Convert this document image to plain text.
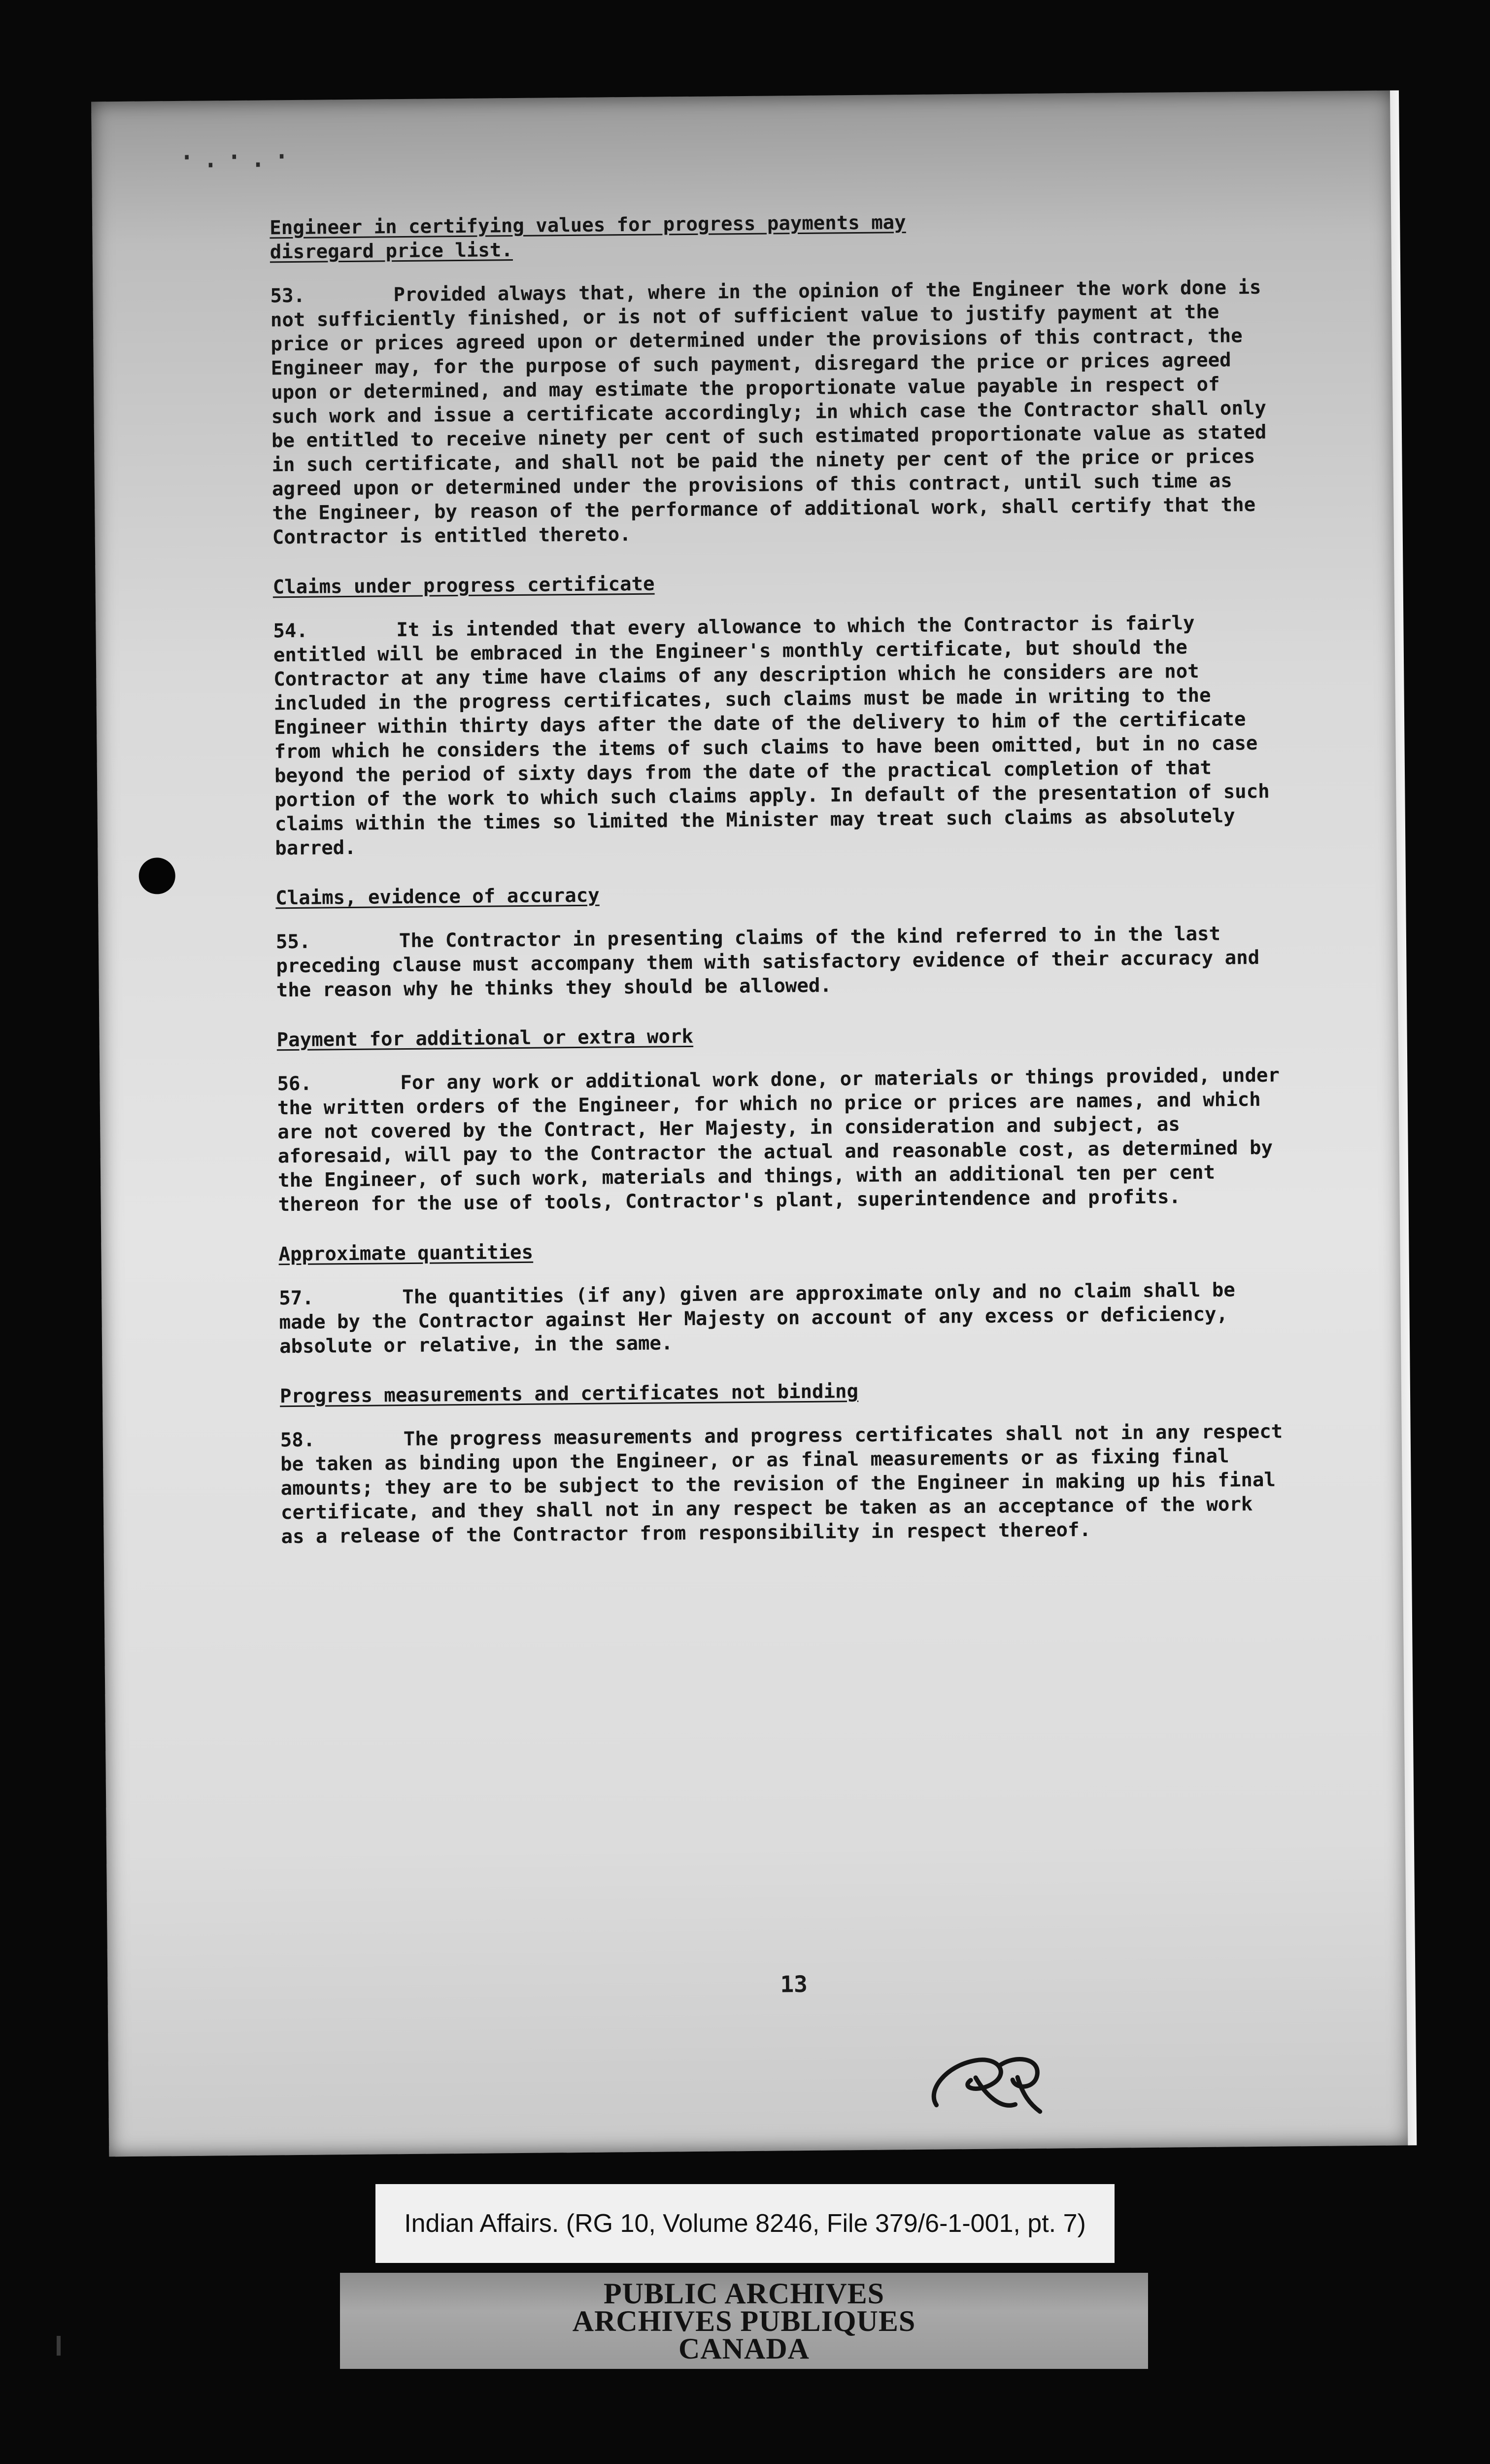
·.·.·
Engineer in certifying values for progress payments may
disregard price list.

53.	Provided always that, where in the opinion of the Engineer the work done is not sufficiently finished, or is not of sufficient value to justify payment at the price or prices agreed upon or determined under the provisions of this contract, the Engineer may, for the purpose of such payment, disregard the price or prices agreed upon or determined, and may estimate the proportionate value payable in respect of such work and issue a certificate accordingly; in which case the Contractor shall only be entitled to receive ninety per cent of such estimated proportionate value as stated in such certificate, and shall not be paid the ninety per cent of the price or prices agreed upon or determined under the provisions of this contract, until such time as the Engineer, by reason of the performance of additional work, shall certify that the Contractor is entitled thereto.

Claims under progress certificate

54.	It is intended that every allowance to which the Contractor is fairly entitled will be embraced in the Engineer's monthly certificate, but should the Contractor at any time have claims of any description which he considers are not included in the progress certificates, such claims must be made in writing to the Engineer within thirty days after the date of the delivery to him of the certificate from which he considers the items of such claims to have been omitted, but in no case beyond the period of sixty days from the date of the practical completion of that portion of the work to which such claims apply. In default of the presentation of such claims within the times so limited the Minister may treat such claims as absolutely barred.

Claims, evidence of accuracy

55.	The Contractor in presenting claims of the kind referred to in the last preceding clause must accompany them with satisfactory evidence of their accuracy and the reason why he thinks they should be allowed.

Payment for additional or extra work

56.	For any work or additional work done, or materials or things provided, under the written orders of the Engineer, for which no price or prices are names, and which are not covered by the Contract, Her Majesty, in consideration and subject, as aforesaid, will pay to the Contractor the actual and reasonable cost, as determined by the Engineer, of such work, materials and things, with an additional ten per cent thereon for the use of tools, Contractor's plant, superintendence and profits.

Approximate quantities

57.	The quantities (if any) given are approximate only and no claim shall be made by the Contractor against Her Majesty on account of any excess or deficiency, absolute or relative, in the same.

Progress measurements and certificates not binding

58.	The progress measurements and progress certificates shall not in any respect be taken as binding upon the Engineer, or as final measurements or as fixing final amounts; they are to be subject to the revision of the Engineer in making up his final certificate, and they shall not in any respect be taken as an acceptance of the work as a release of the Contractor from responsibility in respect thereof.

13
Indian Affairs. (RG 10, Volume 8246, File 379/6-1-001, pt. 7)
PUBLIC ARCHIVES
ARCHIVES PUBLIQUES
CANADA
